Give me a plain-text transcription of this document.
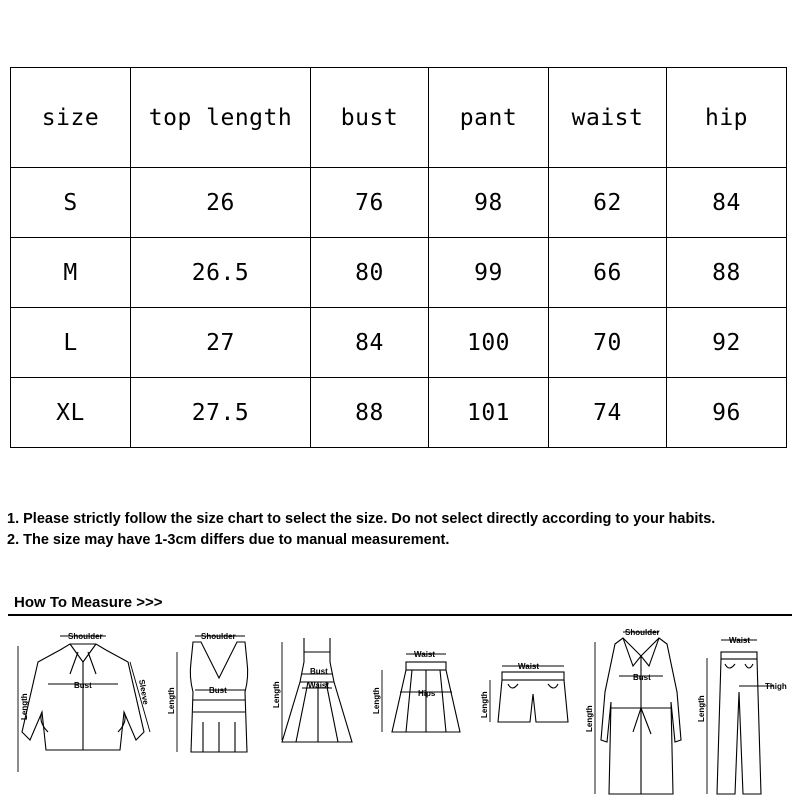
size	top length	bust	pant	waist	hip
S	26	76	98	62	84
M	26.5	80	99	66	88
L	27	84	100	70	92
XL	27.5	88	101	74	96

1. Please strictly follow the size chart to select the size. Do not select directly according to your habits.

2. The size may have 1-3cm differs due to manual measurement.

How To Measure >>>
Shoulder
Bust
Length
Sleeve
Shoulder
Bust
Length
Bust
Waist
Length
Waist
Hips
Length
Waist
Length
Shoulder
Bust
Length
Waist
Thigh
Length
